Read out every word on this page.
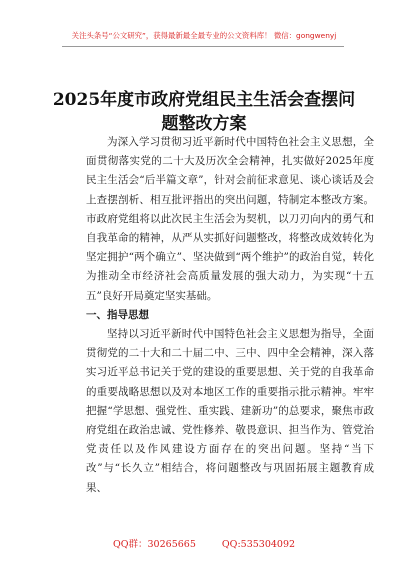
关注头条号“公文研究”，获得最新最全最专业的公文资料库！ 微信：gongwenyj
2025年度市政府党组民主生活会查摆问题整改方案

为深入学习贯彻习近平新时代中国特色社会主义思想，全面贯彻落实党的二十大及历次全会精神，扎实做好2025年度民主生活会“后半篇文章”，针对会前征求意见、谈心谈话及会上查摆剖析、相互批评指出的突出问题，特制定本整改方案。市政府党组将以此次民主生活会为契机，以刀刃向内的勇气和自我革命的精神，从严从实抓好问题整改，将整改成效转化为坚定拥护“两个确立”、坚决做到“两个维护”的政治自觉，转化为推动全市经济社会高质量发展的强大动力，为实现“十五五”良好开局奠定坚实基础。

一、指导思想

坚持以习近平新时代中国特色社会主义思想为指导，全面贯彻党的二十大和二十届二中、三中、四中全会精神，深入落实习近平总书记关于党的建设的重要思想、关于党的自我革命的重要战略思想以及对本地区工作的重要指示批示精神。牢牢把握“学思想、强党性、重实践、建新功”的总要求，聚焦市政府党组在政治忠诚、党性修养、敬畏意识、担当作为、管党治党责任以及作风建设方面存在的突出问题。坚持“当下改”与“长久立”相结合，将问题整改与巩固拓展主题教育成果、

QQ群：30265665	QQ:535304092
